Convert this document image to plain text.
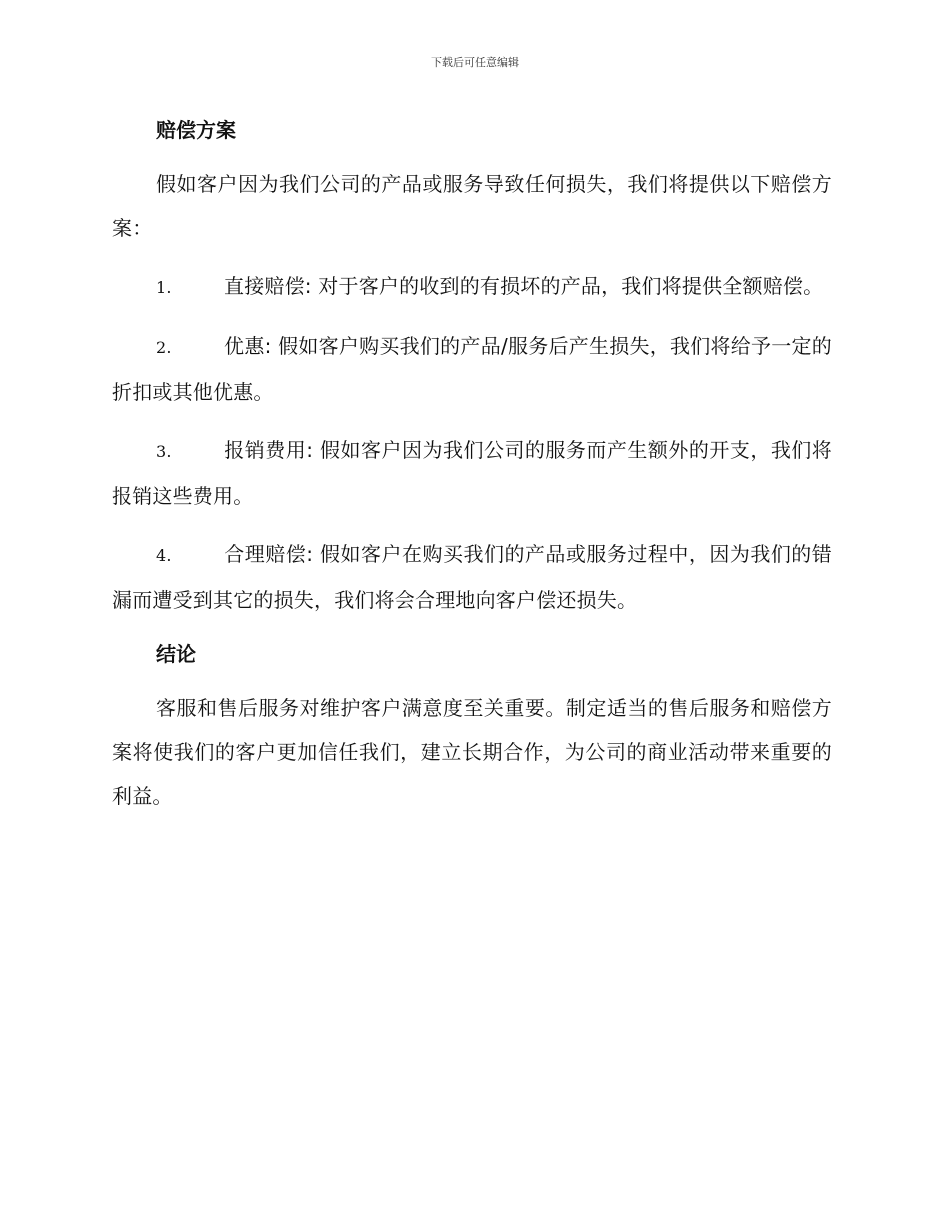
下载后可任意编辑
赔偿方案

假如客户因为我们公司的产品或服务导致任何损失，我们将提供以下赔偿方案：

1.	直接赔偿: 对于客户的收到的有损坏的产品，我们将提供全额赔偿。
2.	优惠: 假如客户购买我们的产品/服务后产生损失，我们将给予一定的折扣或其他优惠。
3.	报销费用: 假如客户因为我们公司的服务而产生额外的开支，我们将报销这些费用。
4.	合理赔偿: 假如客户在购买我们的产品或服务过程中，因为我们的错漏而遭受到其它的损失，我们将会合理地向客户偿还损失。
结论

客服和售后服务对维护客户满意度至关重要。制定适当的售后服务和赔偿方案将使我们的客户更加信任我们，建立长期合作，为公司的商业活动带来重要的利益。
